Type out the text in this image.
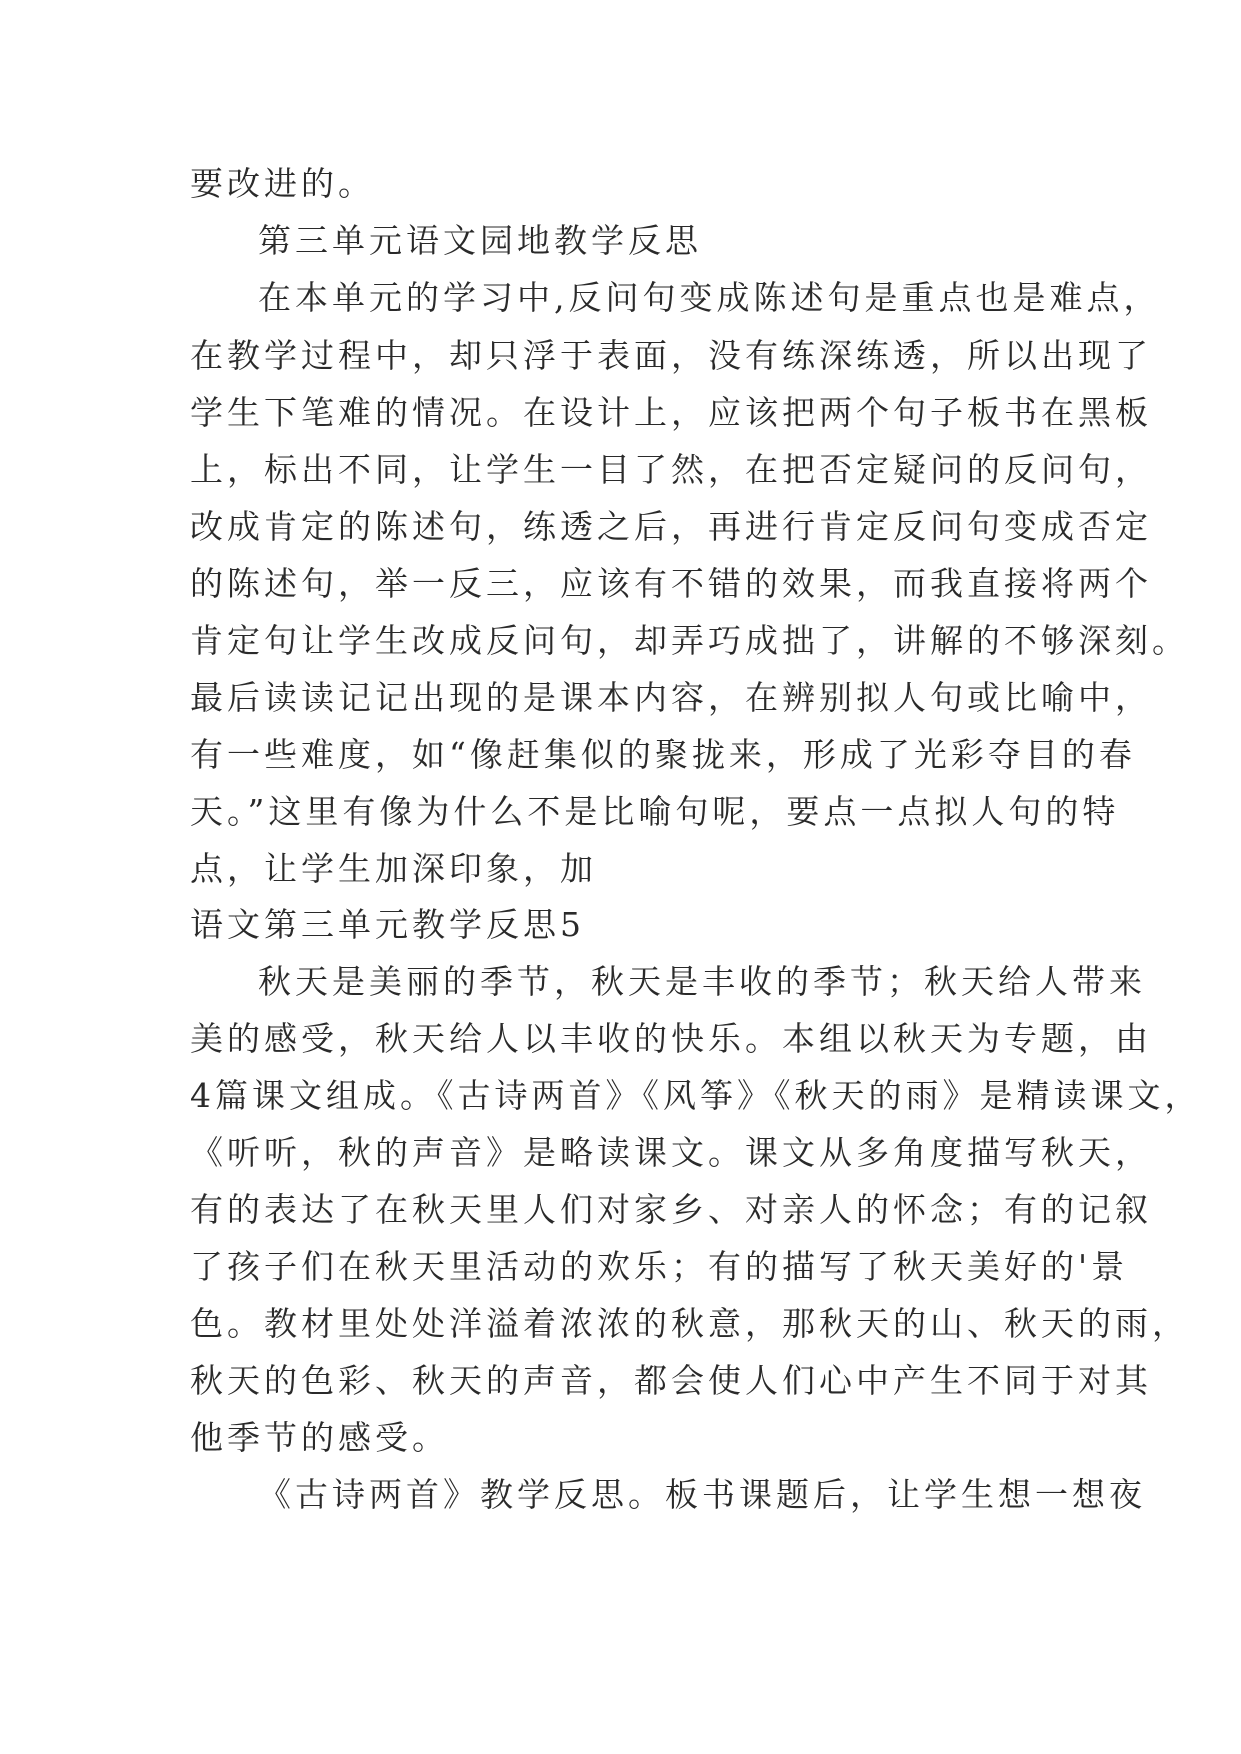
要改进的。
第三单元语文园地教学反思
在本单元的学习中,反问句变成陈述句是重点也是难点，
在教学过程中，却只浮于表面，没有练深练透，所以出现了
学生下笔难的情况。在设计上，应该把两个句子板书在黑板
上，标出不同，让学生一目了然，在把否定疑问的反问句，
改成肯定的陈述句，练透之后，再进行肯定反问句变成否定
的陈述句，举一反三，应该有不错的效果，而我直接将两个
肯定句让学生改成反问句，却弄巧成拙了，讲解的不够深刻。
最后读读记记出现的是课本内容，在辨别拟人句或比喻中，
有一些难度，如“像赶集似的聚拢来，形成了光彩夺目的春
天。”这里有像为什么不是比喻句呢，要点一点拟人句的特
点，让学生加深印象，加
语文第三单元教学反思5
秋天是美丽的季节，秋天是丰收的季节；秋天给人带来
美的感受，秋天给人以丰收的快乐。本组以秋天为专题，由
4篇课文组成。《古诗两首》《风筝》《秋天的雨》是精读课文，
《听听，秋的声音》是略读课文。课文从多角度描写秋天，
有的表达了在秋天里人们对家乡、对亲人的怀念；有的记叙
了孩子们在秋天里活动的欢乐；有的描写了秋天美好的'景
色。教材里处处洋溢着浓浓的秋意，那秋天的山、秋天的雨，
秋天的色彩、秋天的声音，都会使人们心中产生不同于对其
他季节的感受。
《古诗两首》教学反思。板书课题后，让学生想一想夜
